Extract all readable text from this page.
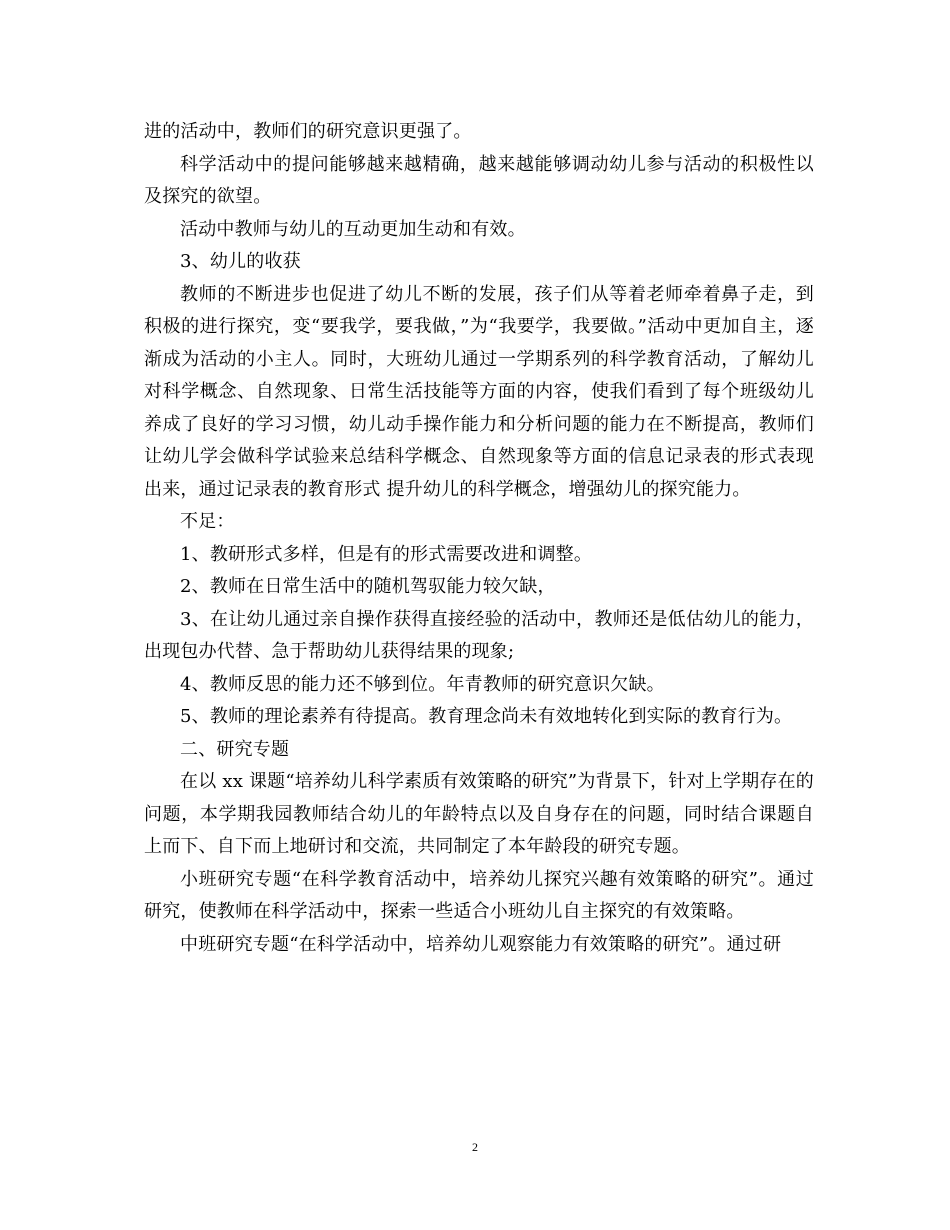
进的活动中，教师们的研究意识更强了。

科学活动中的提问能够越来越精确，越来越能够调动幼儿参与活动的积极性以及探究的欲望。

活动中教师与幼儿的互动更加生动和有效。

3、幼儿的收获

教师的不断进步也促进了幼儿不断的发展，孩子们从等着老师牵着鼻子走，到积极的进行探究，变“要我学，要我做，”为“我要学，我要做。”活动中更加自主，逐渐成为活动的小主人。同时，大班幼儿通过一学期系列的科学教育活动，了解幼儿对科学概念、自然现象、日常生活技能等方面的内容，使我们看到了每个班级幼儿养成了良好的学习习惯，幼儿动手操作能力和分析问题的能力在不断提高，教师们让幼儿学会做科学试验来总结科学概念、自然现象等方面的信息记录表的形式表现出来，通过记录表的教育形式 提升幼儿的科学概念，增强幼儿的探究能力。

不足：

1、教研形式多样，但是有的形式需要改进和调整。

2、教师在日常生活中的随机驾驭能力较欠缺，

3、在让幼儿通过亲自操作获得直接经验的活动中，教师还是低估幼儿的能力，出现包办代替、急于帮助幼儿获得结果的现象;

4、教师反思的能力还不够到位。年青教师的研究意识欠缺。

5、教师的理论素养有待提高。教育理念尚未有效地转化到实际的教育行为。

二、研究专题

在以 xx 课题“培养幼儿科学素质有效策略的研究”为背景下，针对上学期存在的问题，本学期我园教师结合幼儿的年龄特点以及自身存在的问题，同时结合课题自上而下、自下而上地研讨和交流，共同制定了本年龄段的研究专题。

小班研究专题“在科学教育活动中，培养幼儿探究兴趣有效策略的研究”。通过研究，使教师在科学活动中，探索一些适合小班幼儿自主探究的有效策略。

中班研究专题“在科学活动中，培养幼儿观察能力有效策略的研究”。通过研

2
